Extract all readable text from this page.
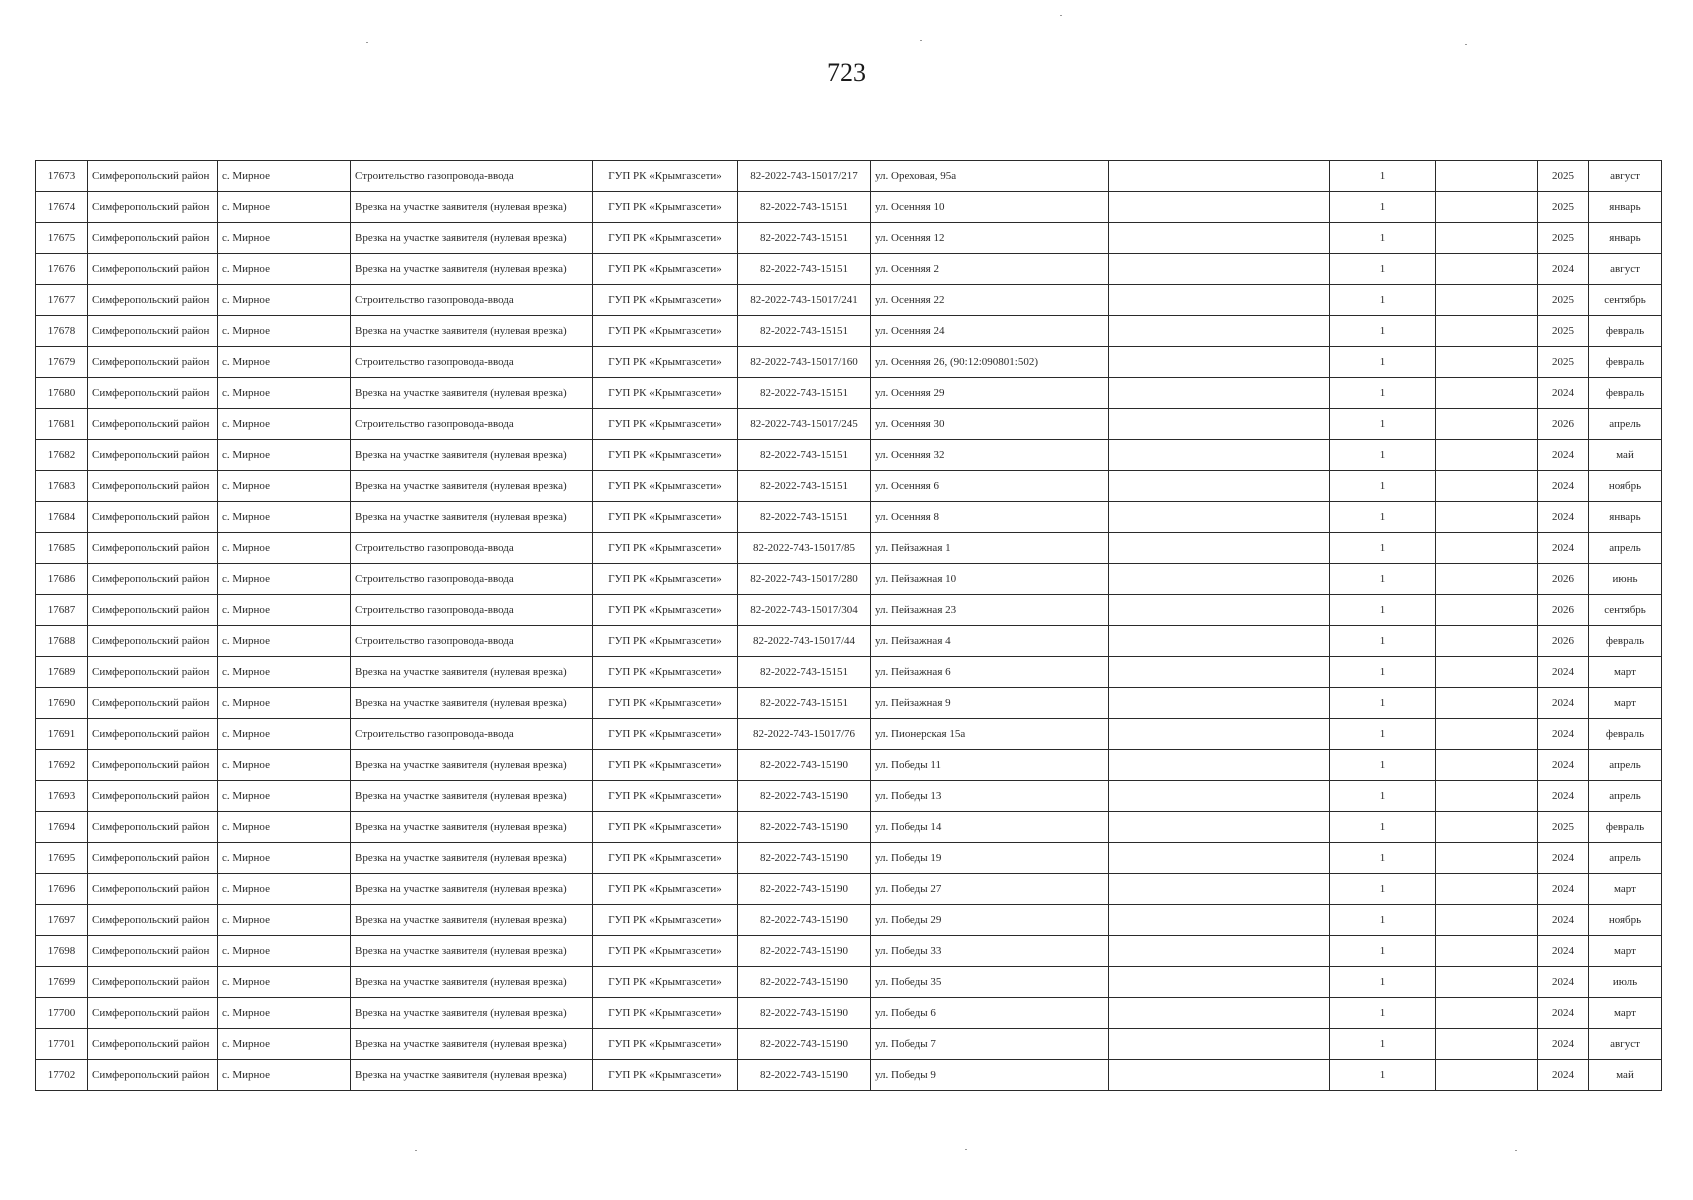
723
17673	Симферопольский район	с. Мирное	Строительство газопровода-ввода	ГУП РК «Крымгазсети»	82-2022-743-15017/217	ул. Ореховая, 95а		1		2025	август
17674	Симферопольский район	с. Мирное	Врезка на участке заявителя (нулевая врезка)	ГУП РК «Крымгазсети»	82-2022-743-15151	ул. Осенняя 10		1		2025	январь
17675	Симферопольский район	с. Мирное	Врезка на участке заявителя (нулевая врезка)	ГУП РК «Крымгазсети»	82-2022-743-15151	ул. Осенняя 12		1		2025	январь
17676	Симферопольский район	с. Мирное	Врезка на участке заявителя (нулевая врезка)	ГУП РК «Крымгазсети»	82-2022-743-15151	ул. Осенняя 2		1		2024	август
17677	Симферопольский район	с. Мирное	Строительство газопровода-ввода	ГУП РК «Крымгазсети»	82-2022-743-15017/241	ул. Осенняя 22		1		2025	сентябрь
17678	Симферопольский район	с. Мирное	Врезка на участке заявителя (нулевая врезка)	ГУП РК «Крымгазсети»	82-2022-743-15151	ул. Осенняя 24		1		2025	февраль
17679	Симферопольский район	с. Мирное	Строительство газопровода-ввода	ГУП РК «Крымгазсети»	82-2022-743-15017/160	ул. Осенняя 26, (90:12:090801:502)		1		2025	февраль
17680	Симферопольский район	с. Мирное	Врезка на участке заявителя (нулевая врезка)	ГУП РК «Крымгазсети»	82-2022-743-15151	ул. Осенняя 29		1		2024	февраль
17681	Симферопольский район	с. Мирное	Строительство газопровода-ввода	ГУП РК «Крымгазсети»	82-2022-743-15017/245	ул. Осенняя 30		1		2026	апрель
17682	Симферопольский район	с. Мирное	Врезка на участке заявителя (нулевая врезка)	ГУП РК «Крымгазсети»	82-2022-743-15151	ул. Осенняя 32		1		2024	май
17683	Симферопольский район	с. Мирное	Врезка на участке заявителя (нулевая врезка)	ГУП РК «Крымгазсети»	82-2022-743-15151	ул. Осенняя 6		1		2024	ноябрь
17684	Симферопольский район	с. Мирное	Врезка на участке заявителя (нулевая врезка)	ГУП РК «Крымгазсети»	82-2022-743-15151	ул. Осенняя 8		1		2024	январь
17685	Симферопольский район	с. Мирное	Строительство газопровода-ввода	ГУП РК «Крымгазсети»	82-2022-743-15017/85	ул. Пейзажная 1		1		2024	апрель
17686	Симферопольский район	с. Мирное	Строительство газопровода-ввода	ГУП РК «Крымгазсети»	82-2022-743-15017/280	ул. Пейзажная 10		1		2026	июнь
17687	Симферопольский район	с. Мирное	Строительство газопровода-ввода	ГУП РК «Крымгазсети»	82-2022-743-15017/304	ул. Пейзажная 23		1		2026	сентябрь
17688	Симферопольский район	с. Мирное	Строительство газопровода-ввода	ГУП РК «Крымгазсети»	82-2022-743-15017/44	ул. Пейзажная 4		1		2026	февраль
17689	Симферопольский район	с. Мирное	Врезка на участке заявителя (нулевая врезка)	ГУП РК «Крымгазсети»	82-2022-743-15151	ул. Пейзажная 6		1		2024	март
17690	Симферопольский район	с. Мирное	Врезка на участке заявителя (нулевая врезка)	ГУП РК «Крымгазсети»	82-2022-743-15151	ул. Пейзажная 9		1		2024	март
17691	Симферопольский район	с. Мирное	Строительство газопровода-ввода	ГУП РК «Крымгазсети»	82-2022-743-15017/76	ул. Пионерская 15а		1		2024	февраль
17692	Симферопольский район	с. Мирное	Врезка на участке заявителя (нулевая врезка)	ГУП РК «Крымгазсети»	82-2022-743-15190	ул. Победы 11		1		2024	апрель
17693	Симферопольский район	с. Мирное	Врезка на участке заявителя (нулевая врезка)	ГУП РК «Крымгазсети»	82-2022-743-15190	ул. Победы 13		1		2024	апрель
17694	Симферопольский район	с. Мирное	Врезка на участке заявителя (нулевая врезка)	ГУП РК «Крымгазсети»	82-2022-743-15190	ул. Победы 14		1		2025	февраль
17695	Симферопольский район	с. Мирное	Врезка на участке заявителя (нулевая врезка)	ГУП РК «Крымгазсети»	82-2022-743-15190	ул. Победы 19		1		2024	апрель
17696	Симферопольский район	с. Мирное	Врезка на участке заявителя (нулевая врезка)	ГУП РК «Крымгазсети»	82-2022-743-15190	ул. Победы 27		1		2024	март
17697	Симферопольский район	с. Мирное	Врезка на участке заявителя (нулевая врезка)	ГУП РК «Крымгазсети»	82-2022-743-15190	ул. Победы 29		1		2024	ноябрь
17698	Симферопольский район	с. Мирное	Врезка на участке заявителя (нулевая врезка)	ГУП РК «Крымгазсети»	82-2022-743-15190	ул. Победы 33		1		2024	март
17699	Симферопольский район	с. Мирное	Врезка на участке заявителя (нулевая врезка)	ГУП РК «Крымгазсети»	82-2022-743-15190	ул. Победы 35		1		2024	июль
17700	Симферопольский район	с. Мирное	Врезка на участке заявителя (нулевая врезка)	ГУП РК «Крымгазсети»	82-2022-743-15190	ул. Победы 6		1		2024	март
17701	Симферопольский район	с. Мирное	Врезка на участке заявителя (нулевая врезка)	ГУП РК «Крымгазсети»	82-2022-743-15190	ул. Победы 7		1		2024	август
17702	Симферопольский район	с. Мирное	Врезка на участке заявителя (нулевая врезка)	ГУП РК «Крымгазсети»	82-2022-743-15190	ул. Победы 9		1		2024	май
